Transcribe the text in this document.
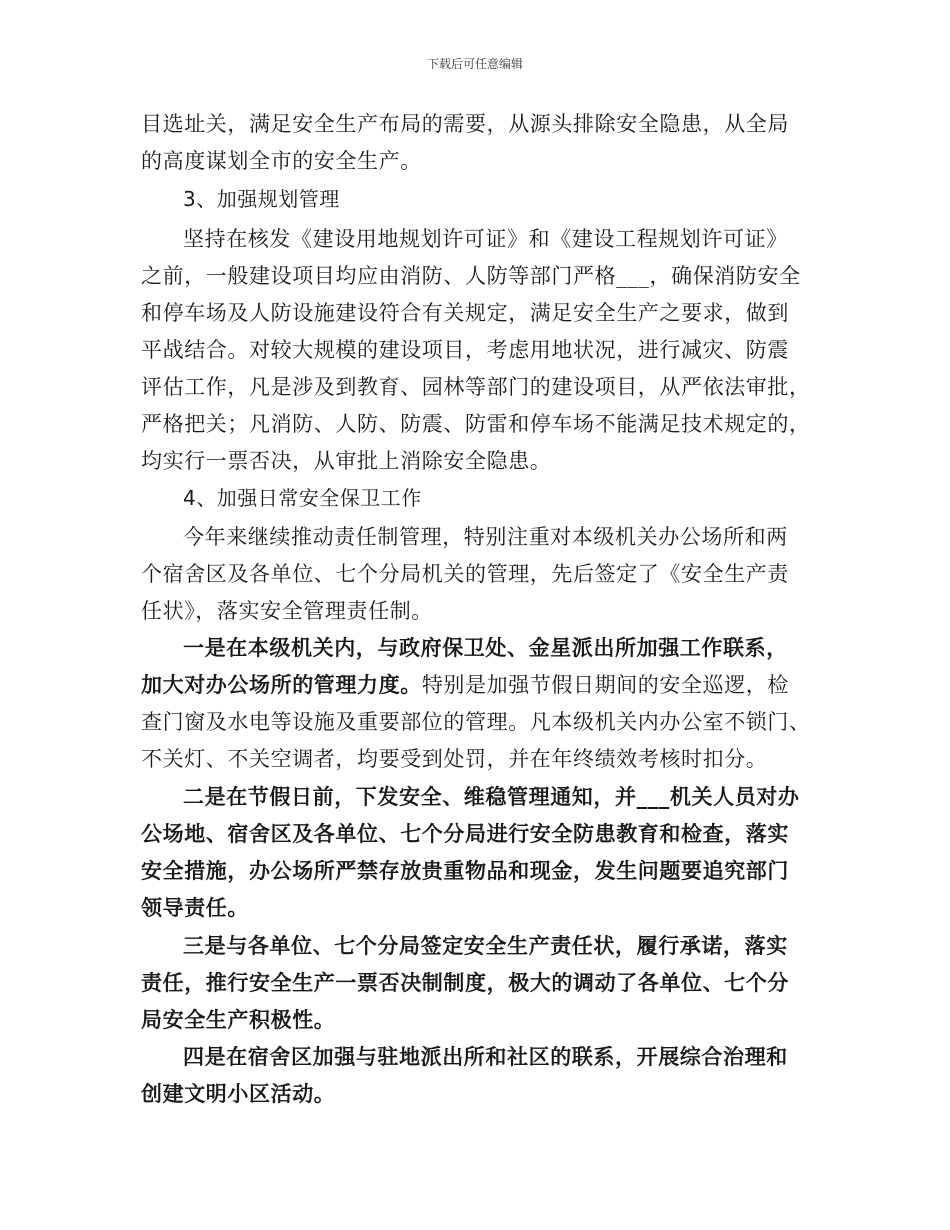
下载后可任意编辑
目选址关，满足安全生产布局的需要，从源头排除安全隐患，从全局
的高度谋划全市的安全生产。
3、加强规划管理
坚持在核发《建设用地规划许可证》和《建设工程规划许可证》
之前，一般建设项目均应由消防、人防等部门严格___，确保消防安全
和停车场及人防设施建设符合有关规定，满足安全生产之要求，做到
平战结合。对较大规模的建设项目，考虑用地状况，进行减灾、防震
评估工作，凡是涉及到教育、园林等部门的建设项目，从严依法审批，
严格把关；凡消防、人防、防震、防雷和停车场不能满足技术规定的，
均实行一票否决，从审批上消除安全隐患。
4、加强日常安全保卫工作
今年来继续推动责任制管理，特别注重对本级机关办公场所和两
个宿舍区及各单位、七个分局机关的管理，先后签定了《安全生产责
任状》，落实安全管理责任制。
一是在本级机关内，与政府保卫处、金星派出所加强工作联系，
加大对办公场所的管理力度。特别是加强节假日期间的安全巡逻，检
查门窗及水电等设施及重要部位的管理。凡本级机关内办公室不锁门、
不关灯、不关空调者，均要受到处罚，并在年终绩效考核时扣分。
二是在节假日前，下发安全、维稳管理通知，并___机关人员对办
公场地、宿舍区及各单位、七个分局进行安全防患教育和检查，落实
安全措施，办公场所严禁存放贵重物品和现金，发生问题要追究部门
领导责任。
三是与各单位、七个分局签定安全生产责任状，履行承诺，落实
责任，推行安全生产一票否决制制度，极大的调动了各单位、七个分
局安全生产积极性。
四是在宿舍区加强与驻地派出所和社区的联系，开展综合治理和
创建文明小区活动。
